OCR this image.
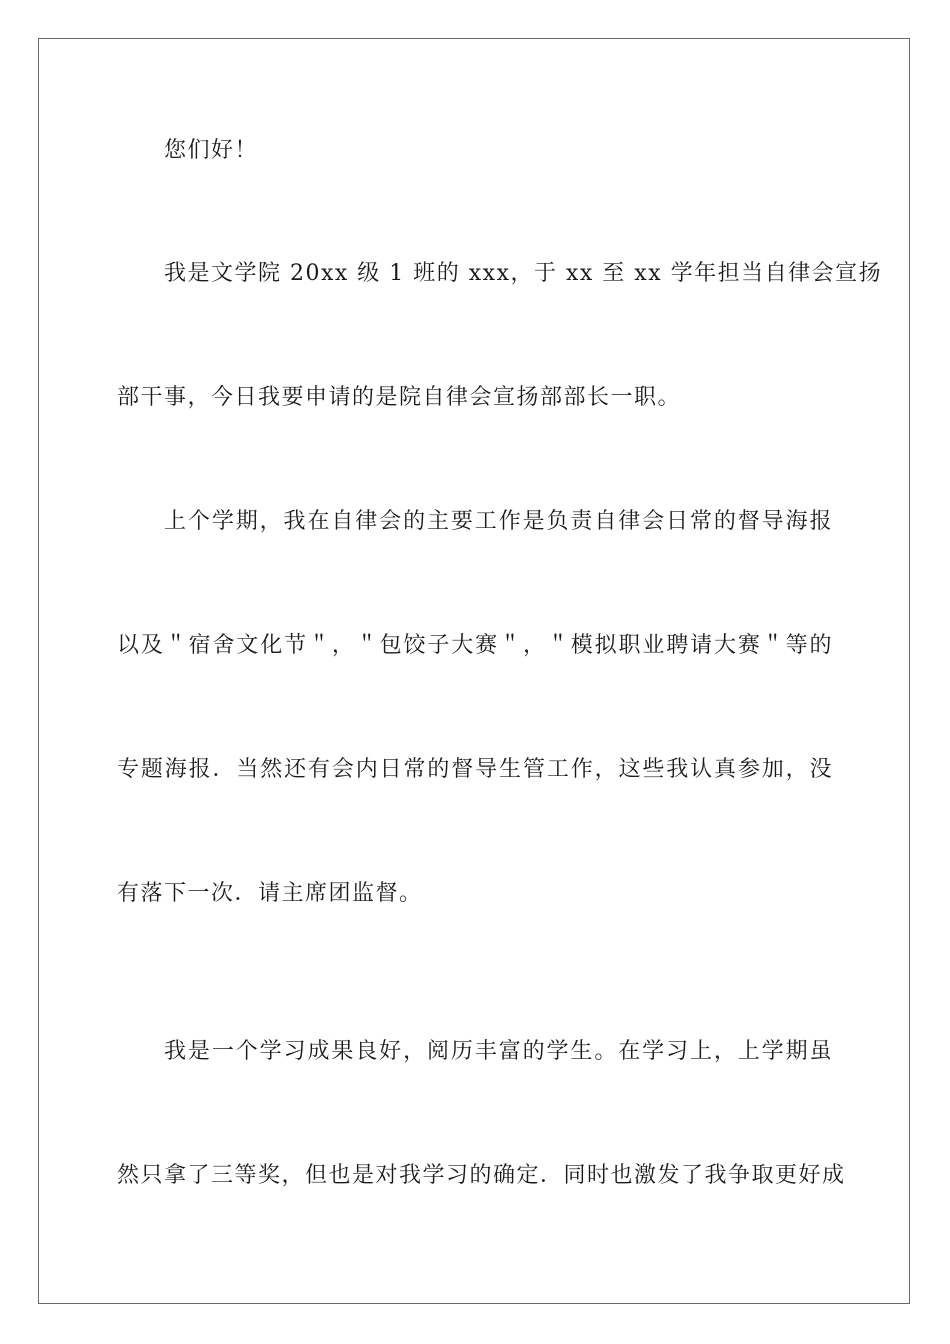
您们好！
我是文学院 20xx 级 1 班的 xxx，于 xx 至 xx 学年担当自律会宣扬
部干事，今日我要申请的是院自律会宣扬部部长一职。
上个学期，我在自律会的主要工作是负责自律会日常的督导海报
以及＂宿舍文化节＂，＂包饺子大赛＂，＂模拟职业聘请大赛＂等的
专题海报．当然还有会内日常的督导生管工作，这些我认真参加，没
有落下一次．请主席团监督。
我是一个学习成果良好，阅历丰富的学生。在学习上，上学期虽
然只拿了三等奖，但也是对我学习的确定．同时也激发了我争取更好成
